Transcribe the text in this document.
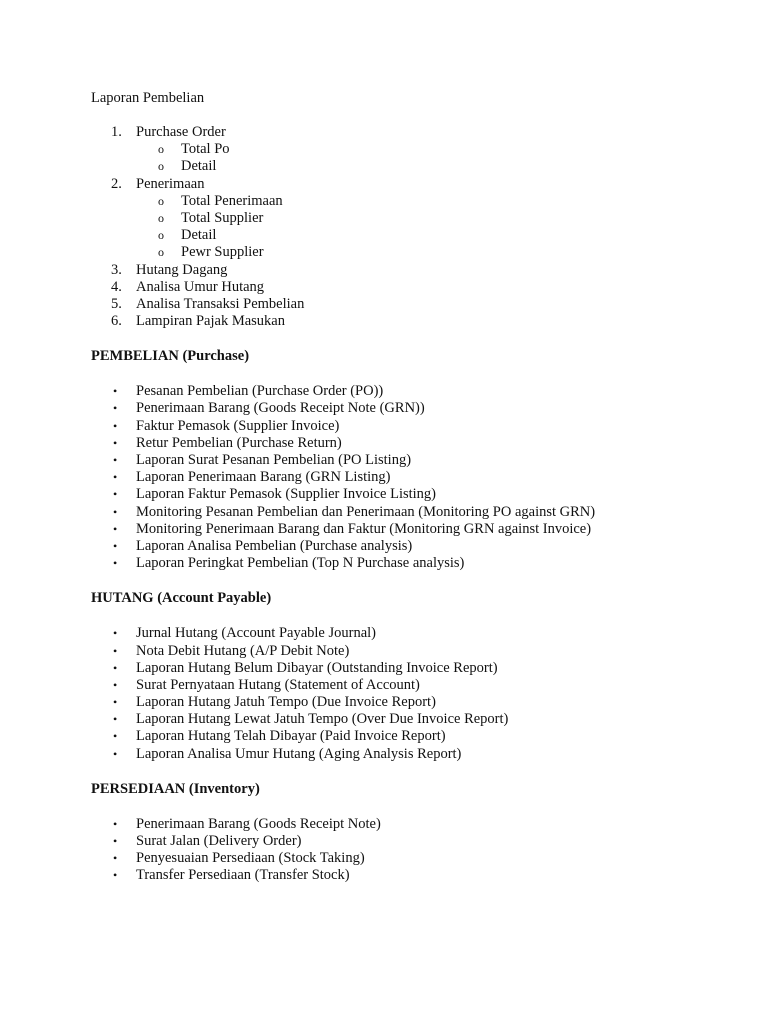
Laporan Pembelian
1. Purchase Order
o	Total Po
o	Detail
2. Penerimaan
o	Total Penerimaan
o	Total Supplier
o	Detail
o	Pewr Supplier
3. Hutang Dagang
4. Analisa Umur Hutang
5. Analisa Transaksi Pembelian
6. Lampiran Pajak Masukan
PEMBELIAN (Purchase)
•	Pesanan Pembelian (Purchase Order (PO))
•	Penerimaan Barang (Goods Receipt Note (GRN))
•	Faktur Pemasok (Supplier Invoice)
•	Retur Pembelian (Purchase Return)
•	Laporan Surat Pesanan Pembelian (PO Listing)
•	Laporan Penerimaan Barang (GRN Listing)
•	Laporan Faktur Pemasok (Supplier Invoice Listing)
•	Monitoring Pesanan Pembelian dan Penerimaan (Monitoring PO against GRN)
•	Monitoring Penerimaan Barang dan Faktur (Monitoring GRN against Invoice)
•	Laporan Analisa Pembelian (Purchase analysis)
•	Laporan Peringkat Pembelian (Top N Purchase analysis)
HUTANG (Account Payable)
•	Jurnal Hutang (Account Payable Journal)
•	Nota Debit Hutang (A/P Debit Note)
•	Laporan Hutang Belum Dibayar (Outstanding Invoice Report)
•	Surat Pernyataan Hutang (Statement of Account)
•	Laporan Hutang Jatuh Tempo (Due Invoice Report)
•	Laporan Hutang Lewat Jatuh Tempo (Over Due Invoice Report)
•	Laporan Hutang Telah Dibayar (Paid Invoice Report)
•	Laporan Analisa Umur Hutang (Aging Analysis Report)
PERSEDIAAN (Inventory)
•	Penerimaan Barang (Goods Receipt Note)
•	Surat Jalan (Delivery Order)
•	Penyesuaian Persediaan (Stock Taking)
•	Transfer Persediaan (Transfer Stock)
